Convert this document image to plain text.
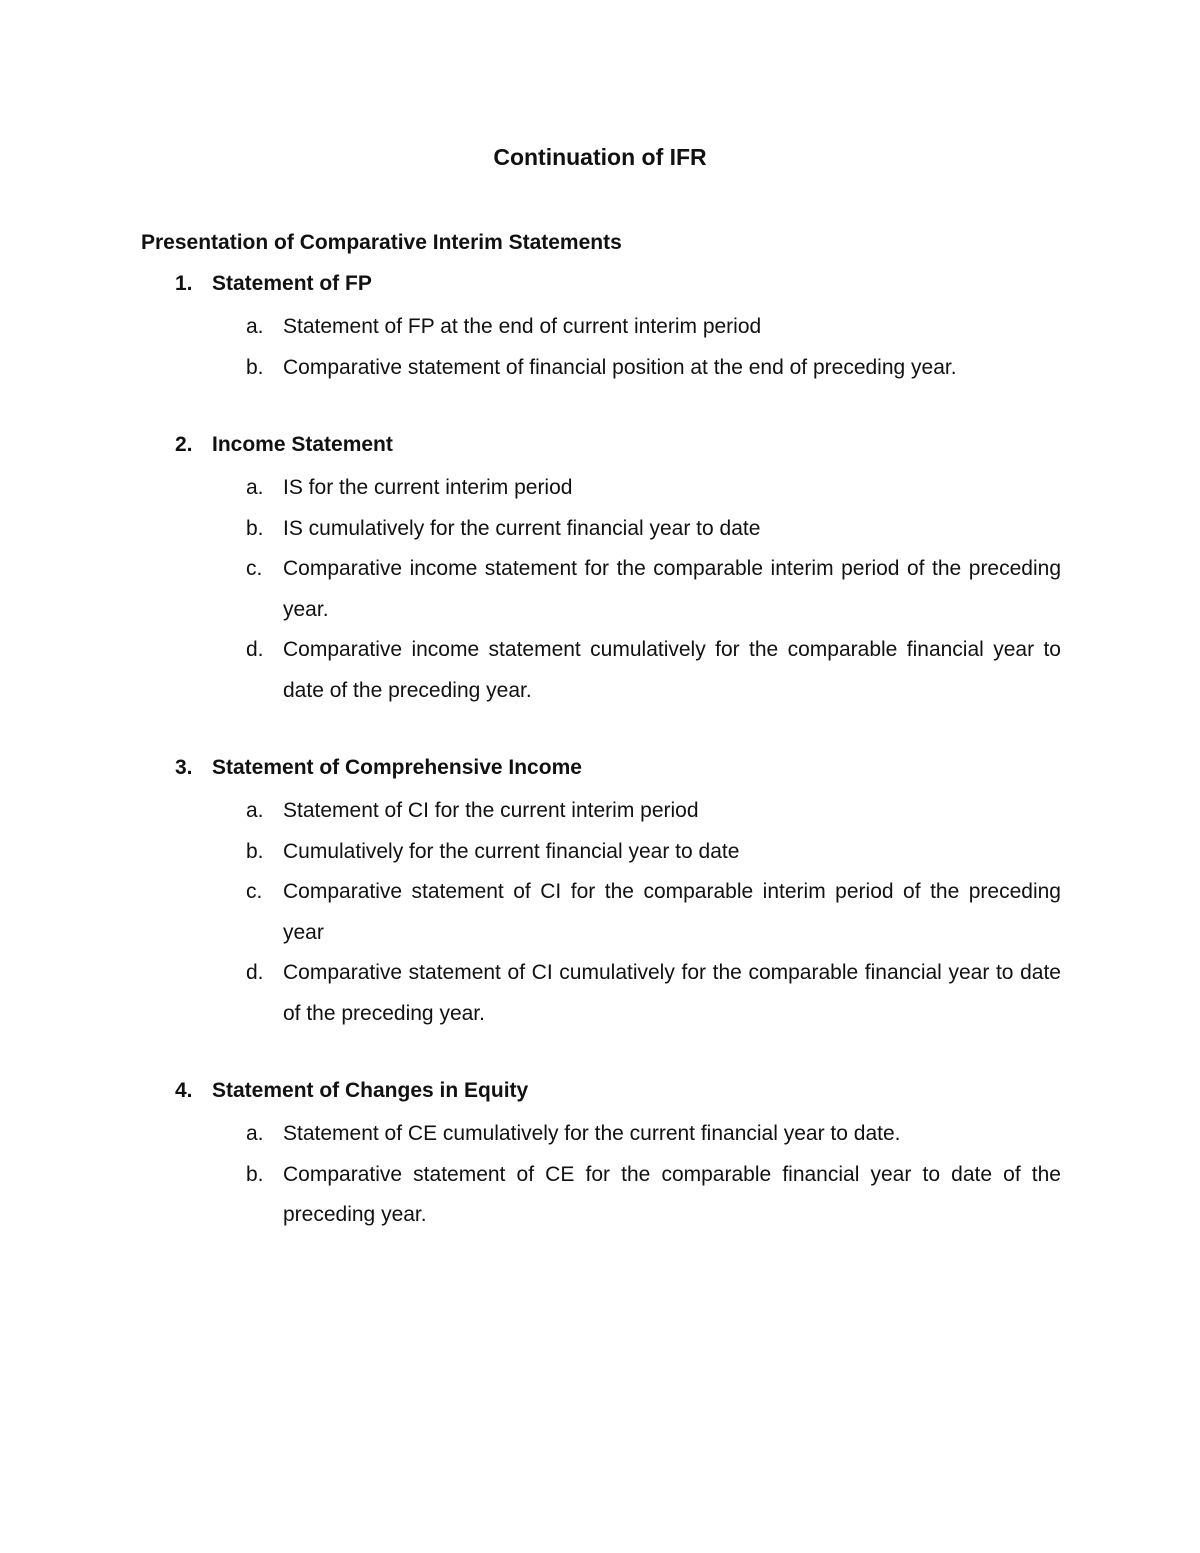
Continuation of IFR
Presentation of Comparative Interim Statements
1. Statement of FP
a. Statement of FP at the end of current interim period
b. Comparative statement of financial position at the end of preceding year.
2. Income Statement
a. IS for the current interim period
b. IS cumulatively for the current financial year to date
c. Comparative income statement for the comparable interim period of the preceding year.
d. Comparative income statement cumulatively for the comparable financial year to date of the preceding year.
3. Statement of Comprehensive Income
a. Statement of CI for the current interim period
b. Cumulatively for the current financial year to date
c. Comparative statement of CI for the comparable interim period of the preceding year
d. Comparative statement of CI cumulatively for the comparable financial year to date of the preceding year.
4. Statement of Changes in Equity
a. Statement of CE cumulatively for the current financial year to date.
b. Comparative statement of CE for the comparable financial year to date of the preceding year.
